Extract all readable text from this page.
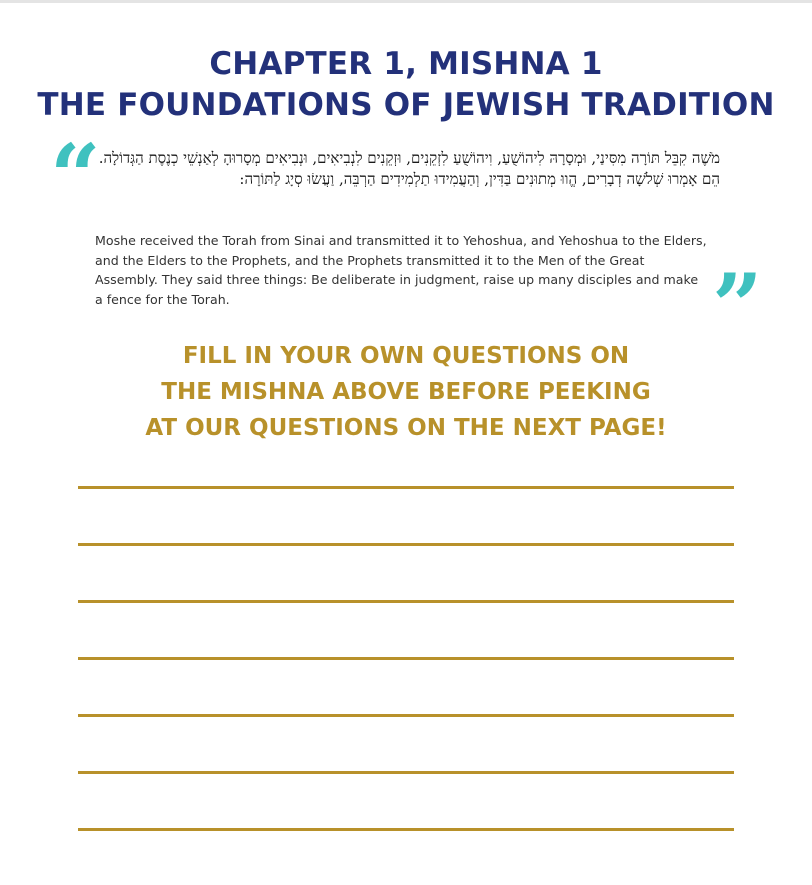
CHAPTER 1, MISHNA 1
THE FOUNDATIONS OF JEWISH TRADITION
“
מֹשֶׁה קִבֵּל תּוֹרָה מִסִּינַי, וּמְסָרָהּ לִיהוֹשֻׁעַ, וִיהוֹשֻׁעַ לִזְקֵנִים, וּזְקֵנִים לִנְבִיאִים, וּנְבִיאִים מְסָרוּהָ לְאַנְשֵׁי כְנֶסֶת הַגְּדוֹלָה. הֵם אָמְרוּ שְׁלֹשָׁה דְבָרִים, הֱווּ מְתוּנִים בַּדִּין, וְהַעֲמִידוּ תַלְמִידִים הַרְבֵּה, וַעֲשׂוּ סְיָג לַתּוֹרָה:
Moshe received the Torah from Sinai and transmitted it to Yehoshua, and Yehoshua to the Elders, and the Elders to the Prophets, and the Prophets transmitted it to the Men of the Great Assembly. They said three things: Be deliberate in judgment, raise up many disciples and make a fence for the Torah.	”
FILL IN YOUR OWN QUESTIONS ON
THE MISHNA ABOVE BEFORE PEEKING
AT OUR QUESTIONS ON THE NEXT PAGE!
